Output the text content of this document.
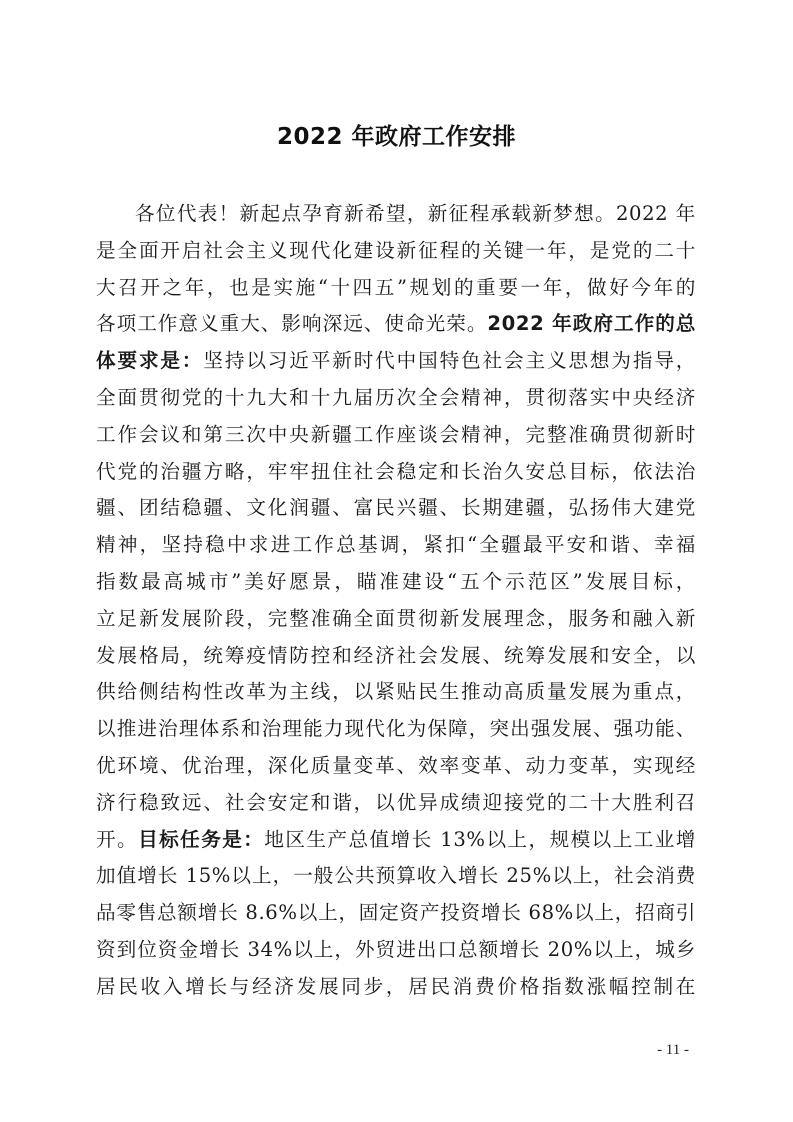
2022 年政府工作安排
各位代表！新起点孕育新希望，新征程承载新梦想。2022 年
是全面开启社会主义现代化建设新征程的关键一年，是党的二十
大召开之年，也是实施“十四五”规划的重要一年，做好今年的
各项工作意义重大、影响深远、使命光荣。2022 年政府工作的总
体要求是：坚持以习近平新时代中国特色社会主义思想为指导，
全面贯彻党的十九大和十九届历次全会精神，贯彻落实中央经济
工作会议和第三次中央新疆工作座谈会精神，完整准确贯彻新时
代党的治疆方略，牢牢扭住社会稳定和长治久安总目标，依法治
疆、团结稳疆、文化润疆、富民兴疆、长期建疆，弘扬伟大建党
精神，坚持稳中求进工作总基调，紧扣“全疆最平安和谐、幸福
指数最高城市”美好愿景，瞄准建设“五个示范区”发展目标，
立足新发展阶段，完整准确全面贯彻新发展理念，服务和融入新
发展格局，统筹疫情防控和经济社会发展、统筹发展和安全，以
供给侧结构性改革为主线，以紧贴民生推动高质量发展为重点，
以推进治理体系和治理能力现代化为保障，突出强发展、强功能、
优环境、优治理，深化质量变革、效率变革、动力变革，实现经
济行稳致远、社会安定和谐，以优异成绩迎接党的二十大胜利召
开。目标任务是：地区生产总值增长 13%以上，规模以上工业增
加值增长 15%以上，一般公共预算收入增长 25%以上，社会消费
品零售总额增长 8.6%以上，固定资产投资增长 68%以上，招商引
资到位资金增长 34%以上，外贸进出口总额增长 20%以上，城乡
居民收入增长与经济发展同步，居民消费价格指数涨幅控制在
- 11 -
